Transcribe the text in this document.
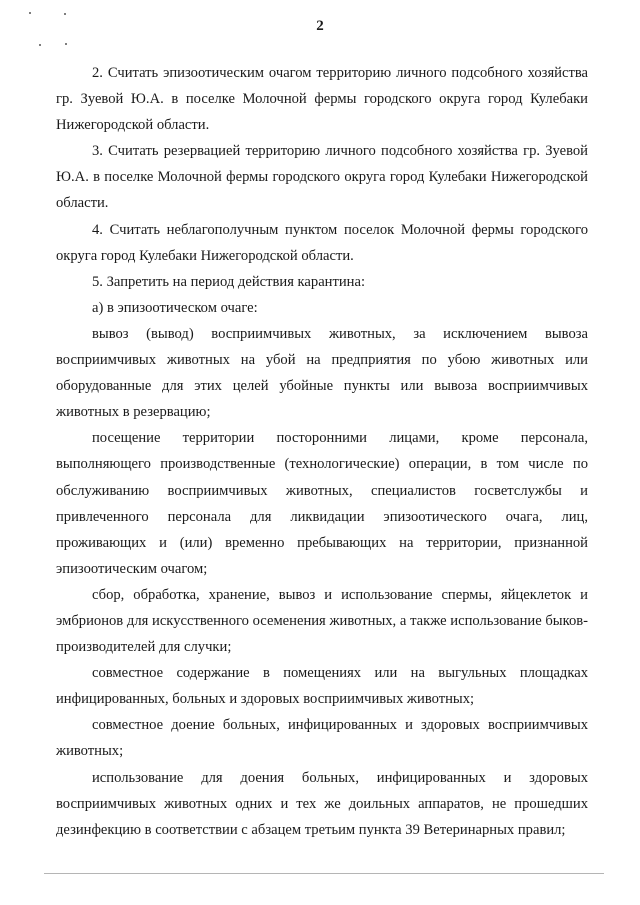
2

2. Считать эпизоотическим очагом территорию личного подсобного хозяйства гр. Зуевой Ю.А. в поселке Молочной фермы городского округа город Кулебаки Нижегородской области.

3. Считать резервацией территорию личного подсобного хозяйства гр. Зуевой Ю.А. в поселке Молочной фермы городского округа город Кулебаки Нижегородской области.

4. Считать неблагополучным пунктом поселок Молочной фермы городского округа город Кулебаки Нижегородской области.

5. Запретить на период действия карантина:

а) в эпизоотическом очаге:

вывоз (вывод) восприимчивых животных, за исключением вывоза восприимчивых животных на убой на предприятия по убою животных или оборудованные для этих целей убойные пункты или вывоза восприимчивых животных в резервацию;

посещение территории посторонними лицами, кроме персонала, выполняющего производственные (технологические) операции, в том числе по обслуживанию восприимчивых животных, специалистов госветслужбы и привлеченного персонала для ликвидации эпизоотического очага, лиц, проживающих и (или) временно пребывающих на территории, признанной эпизоотическим очагом;

сбор, обработка, хранение, вывоз и использование спермы, яйцеклеток и эмбрионов для искусственного осеменения животных, а также использование быков-производителей для случки;

совместное содержание в помещениях или на выгульных площадках инфицированных, больных и здоровых восприимчивых животных;

совместное доение больных, инфицированных и здоровых восприимчивых животных;

использование для доения больных, инфицированных и здоровых восприимчивых животных одних и тех же доильных аппаратов, не прошедших дезинфекцию в соответствии с абзацем третьим пункта 39 Ветеринарных правил;
